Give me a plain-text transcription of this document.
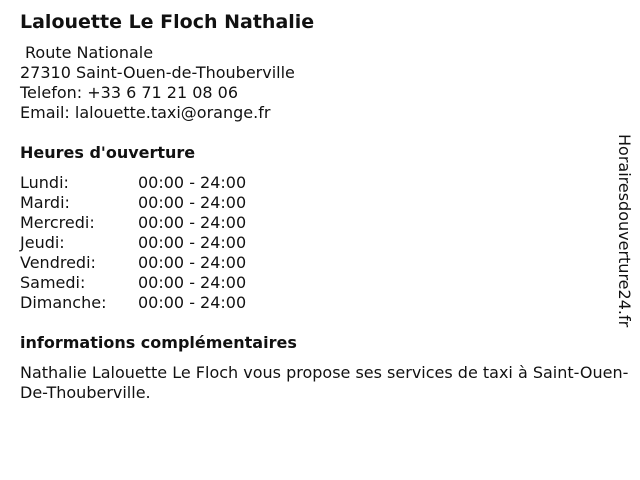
Lalouette Le Floch Nathalie
Route Nationale
27310 Saint-Ouen-de-Thouberville
Telefon: +33 6 71 21 08 06
Email: lalouette.taxi@orange.fr
Heures d'ouverture
Lundi:	00:00 - 24:00
Mardi:	00:00 - 24:00
Mercredi:	00:00 - 24:00
Jeudi:	00:00 - 24:00
Vendredi:	00:00 - 24:00
Samedi:	00:00 - 24:00
Dimanche:	00:00 - 24:00
informations complémentaires
Nathalie Lalouette Le Floch vous propose ses services de taxi à Saint-Ouen-De-Thouberville.
Horairesdouverture24.fr
